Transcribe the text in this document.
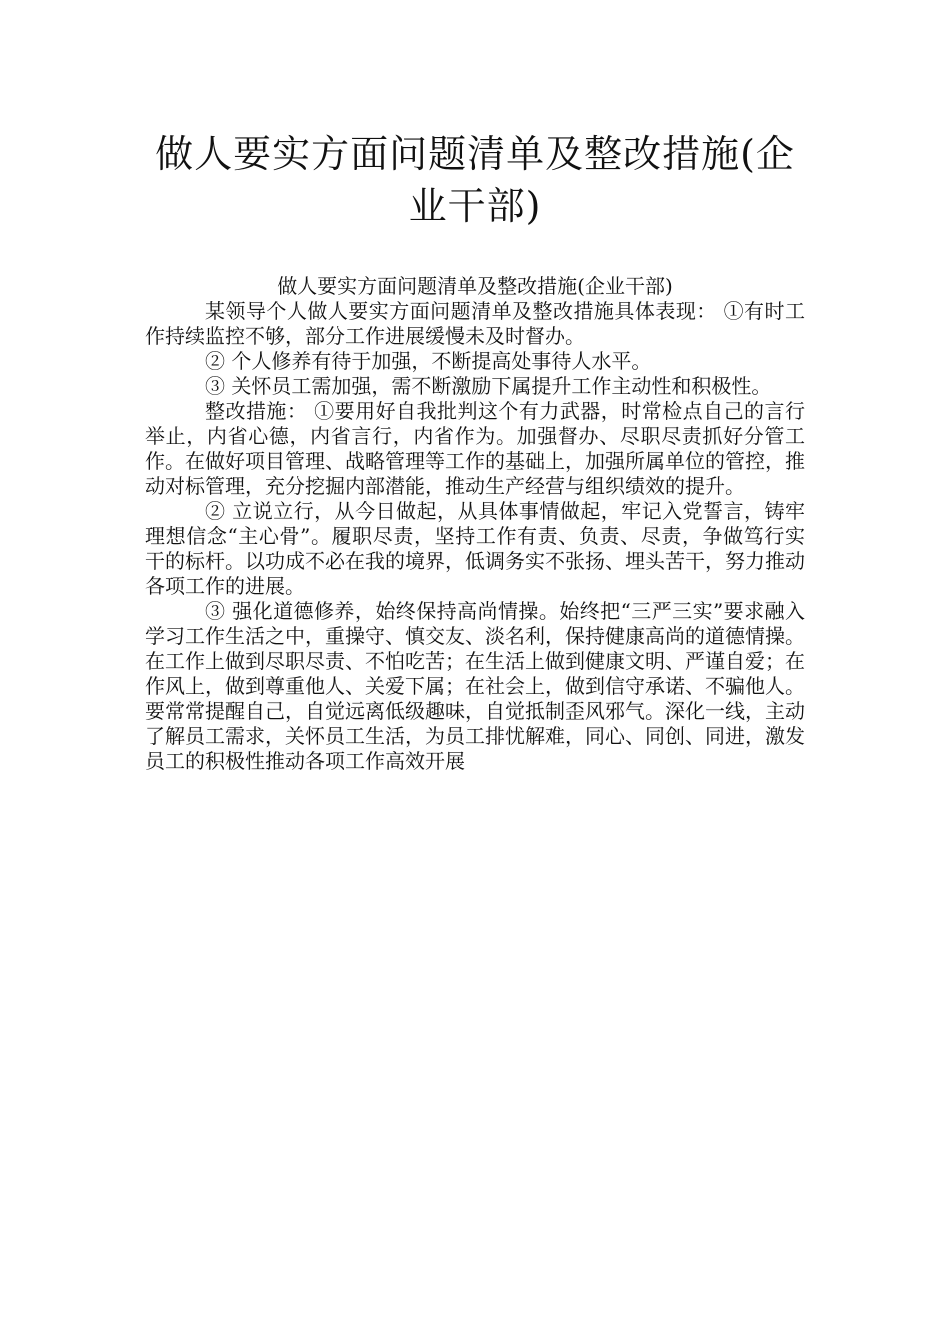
做人要实方面问题清单及整改措施(企业干部)

做人要实方面问题清单及整改措施(企业干部)

某领导个人做人要实方面问题清单及整改措施具体表现： ①有时工作持续监控不够，部分工作进展缓慢未及时督办。

② 个人修养有待于加强，不断提高处事待人水平。

③ 关怀员工需加强，需不断激励下属提升工作主动性和积极性。

整改措施： ①要用好自我批判这个有力武器，时常检点自己的言行举止，内省心德，内省言行，内省作为。加强督办、尽职尽责抓好分管工作。在做好项目管理、战略管理等工作的基础上，加强所属单位的管控，推动对标管理，充分挖掘内部潜能，推动生产经营与组织绩效的提升。

② 立说立行，从今日做起，从具体事情做起，牢记入党誓言，铸牢理想信念“主心骨”。履职尽责，坚持工作有责、负责、尽责，争做笃行实干的标杆。以功成不必在我的境界，低调务实不张扬、埋头苦干，努力推动各项工作的进展。

③ 强化道德修养，始终保持高尚情操。始终把“三严三实”要求融入学习工作生活之中，重操守、慎交友、淡名利，保持健康高尚的道德情操。在工作上做到尽职尽责、不怕吃苦；在生活上做到健康文明、严谨自爱；在作风上，做到尊重他人、关爱下属；在社会上，做到信守承诺、不骗他人。要常常提醒自己，自觉远离低级趣味，自觉抵制歪风邪气。深化一线，主动了解员工需求，关怀员工生活，为员工排忧解难，同心、同创、同进，激发员工的积极性推动各项工作高效开展
